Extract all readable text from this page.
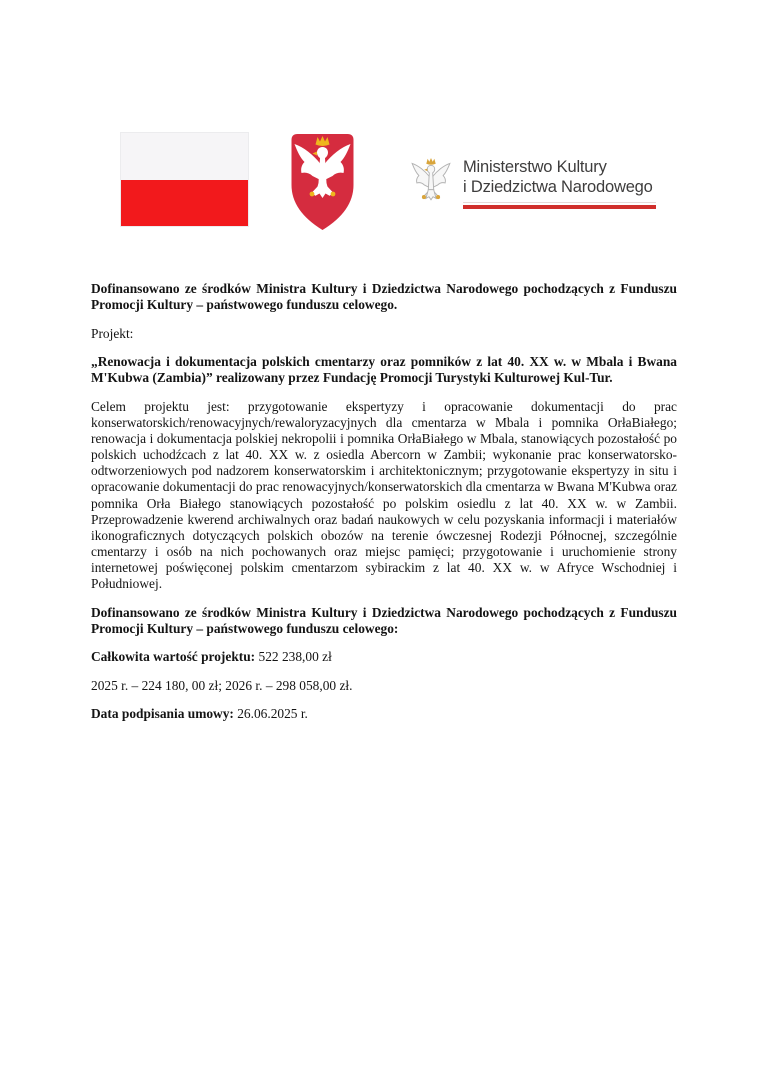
Ministerstwo Kultury
i Dziedzictwa Narodowego

Dofinansowano ze środków Ministra Kultury i Dziedzictwa Narodowego pochodzących z Funduszu Promocji Kultury – państwowego funduszu celowego.

Projekt:

„Renowacja i dokumentacja polskich cmentarzy oraz pomników z lat 40. XX w. w Mbala i Bwana M'Kubwa (Zambia)” realizowany przez Fundację Promocji Turystyki Kulturowej Kul-Tur.

Celem projektu jest: przygotowanie ekspertyzy i opracowanie dokumentacji do prac konserwatorskich/renowacyjnych/rewaloryzacyjnych dla cmentarza w Mbala i pomnika OrłaBiałego; renowacja i dokumentacja polskiej nekropolii i pomnika OrłaBiałego w Mbala, stanowiących pozostałość po polskich uchodźcach z lat 40. XX w. z osiedla Abercorn w Zambii; wykonanie prac konserwatorsko-odtworzeniowych pod nadzorem konserwatorskim i architektonicznym; przygotowanie ekspertyzy in situ i opracowanie dokumentacji do prac renowacyjnych/konserwatorskich dla cmentarza w Bwana M'Kubwa oraz pomnika Orła Białego stanowiących pozostałość po polskim osiedlu z lat 40. XX w. w Zambii. Przeprowadzenie kwerend archiwalnych oraz badań naukowych w celu pozyskania informacji i materiałów ikonograficznych dotyczących polskich obozów na terenie ówczesnej Rodezji Północnej, szczególnie cmentarzy i osób na nich pochowanych oraz miejsc pamięci; przygotowanie i uruchomienie strony internetowej poświęconej polskim cmentarzom sybirackim z lat 40. XX w. w Afryce Wschodniej i Południowej.

Dofinansowano ze środków Ministra Kultury i Dziedzictwa Narodowego pochodzących z Funduszu Promocji Kultury – państwowego funduszu celowego:

Całkowita wartość projektu: 522 238,00 zł

2025 r. – 224 180, 00 zł; 2026 r. – 298 058,00 zł.

Data podpisania umowy: 26.06.2025 r.
